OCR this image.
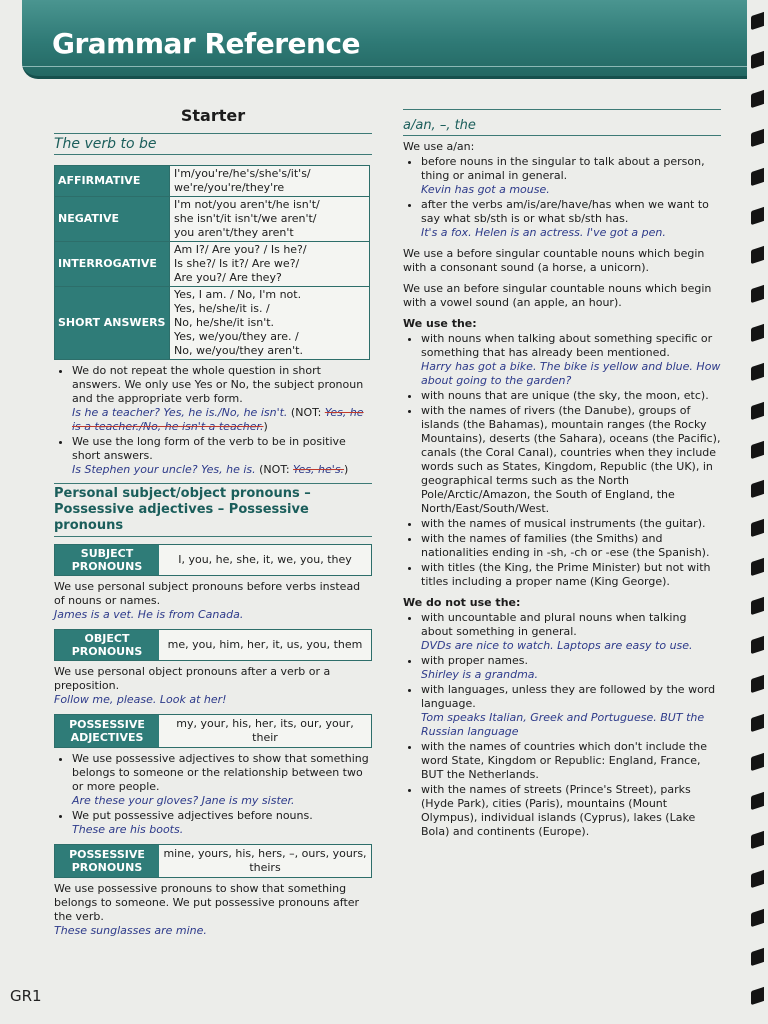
Grammar Reference
Starter
The verb to be
AFFIRMATIVE	I'm/you're/he's/she's/it's/
we're/you're/they're

NEGATIVE	I'm not/you aren't/he isn't/
she isn't/it isn't/we aren't/
you aren't/they aren't

INTERROGATIVE	Am I?/ Are you? / Is he?/
Is she?/ Is it?/ Are we?/
Are you?/ Are they?

SHORT ANSWERS	Yes, I am. / No, I'm not.
Yes, he/she/it is. /
No, he/she/it isn't.
Yes, we/you/they are. /
No, we/you/they aren't.
• We do not repeat the whole question in short answers. We only use Yes or No, the subject pronoun and the appropriate verb form.
Is he a teacher? Yes, he is./No, he isn't. (NOT: Yes, he is a teacher./No, he isn't a teacher.)
• We use the long form of the verb to be in positive short answers.
Is Stephen your uncle? Yes, he is. (NOT: Yes, he's.)
Personal subject/object pronouns – Possessive adjectives – Possessive pronouns
SUBJECT PRONOUNS
I, you, he, she, it, we, you, they

We use personal subject pronouns before verbs instead of nouns or names.

James is a vet. He is from Canada.

OBJECT PRONOUNS
me, you, him, her, it, us, you, them

We use personal object pronouns after a verb or a preposition.

Follow me, please. Look at her!

POSSESSIVE ADJECTIVES
my, your, his, her, its, our, your, their
• We use possessive adjectives to show that something belongs to someone or the relationship between two or more people.
Are these your gloves? Jane is my sister.
• We put possessive adjectives before nouns.
These are his boots.
POSSESSIVE PRONOUNS
mine, yours, his, hers, –, ours, yours, theirs

We use possessive pronouns to show that something belongs to someone. We put possessive pronouns after the verb.

These sunglasses are mine.

a/an, –, the

We use a/an:

• before nouns in the singular to talk about a person, thing or animal in general.
Kevin has got a mouse.
• after the verbs am/is/are/have/has when we want to say what sb/sth is or what sb/sth has.
It's a fox. Helen is an actress. I've got a pen.

We use a before singular countable nouns which begin with a consonant sound (a horse, a unicorn).

We use an before singular countable nouns which begin with a vowel sound (an apple, an hour).

We use the:

• with nouns when talking about something specific or something that has already been mentioned.
Harry has got a bike. The bike is yellow and blue. How about going to the garden?
• with nouns that are unique (the sky, the moon, etc).
• with the names of rivers (the Danube), groups of islands (the Bahamas), mountain ranges (the Rocky Mountains), deserts (the Sahara), oceans (the Pacific), canals (the Coral Canal), countries when they include words such as States, Kingdom, Republic (the UK), in geographical terms such as the North Pole/Arctic/Amazon, the South of England, the North/East/South/West.
• with the names of musical instruments (the guitar).
• with the names of families (the Smiths) and nationalities ending in -sh, -ch or -ese (the Spanish).
• with titles (the King, the Prime Minister) but not with titles including a proper name (King George).

We do not use the:

• with uncountable and plural nouns when talking about something in general.
DVDs are nice to watch. Laptops are easy to use.
• with proper names.
Shirley is a grandma.
• with languages, unless they are followed by the word language.
Tom speaks Italian, Greek and Portuguese. BUT the Russian language
• with the names of countries which don't include the word State, Kingdom or Republic: England, France, BUT the Netherlands.
• with the names of streets (Prince's Street), parks (Hyde Park), cities (Paris), mountains (Mount Olympus), individual islands (Cyprus), lakes (Lake Bola) and continents (Europe).
GR1
